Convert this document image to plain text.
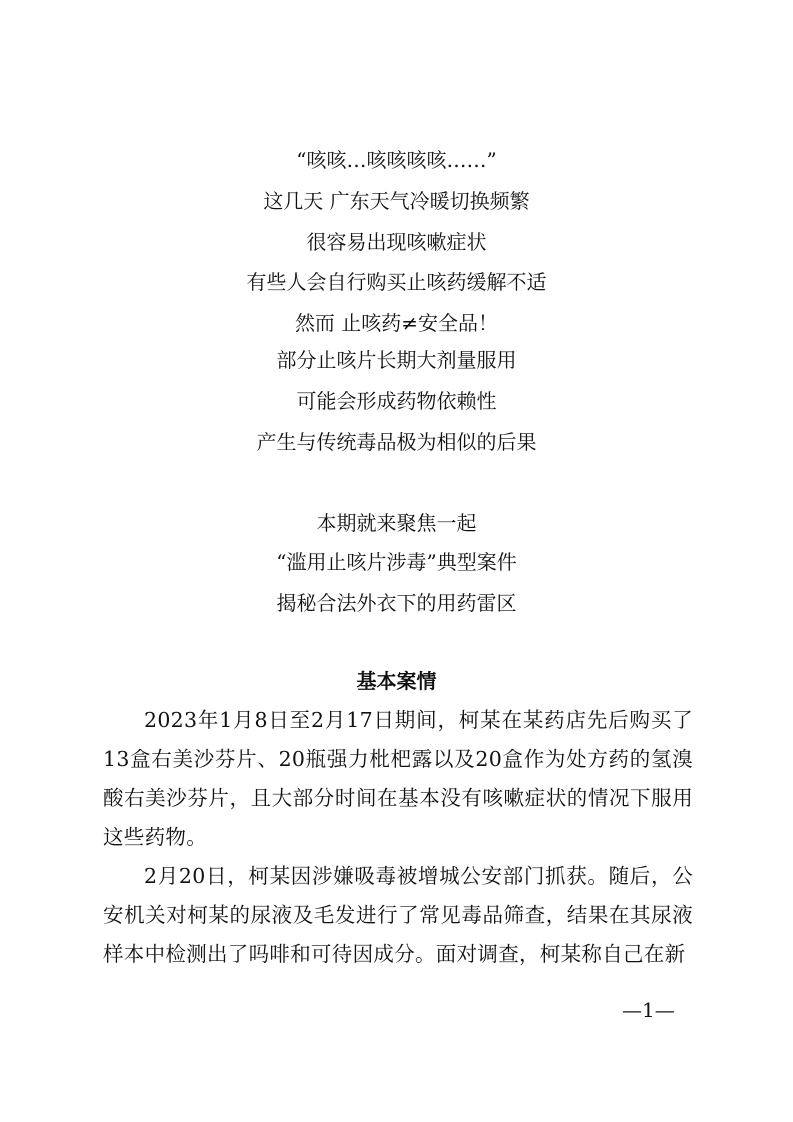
“咳咳…咳咳咳咳……”
这几天 广东天气冷暖切换频繁
很容易出现咳嗽症状
有些人会自行购买止咳药缓解不适
然而 止咳药≠安全品！
部分止咳片长期大剂量服用
可能会形成药物依赖性
产生与传统毒品极为相似的后果
本期就来聚焦一起
“滥用止咳片涉毒”典型案件
揭秘合法外衣下的用药雷区
基本案情
2023年1月8日至2月17日期间，柯某在某药店先后购买了13盒右美沙芬片、20瓶强力枇杷露以及20盒作为处方药的氢溴酸右美沙芬片，且大部分时间在基本没有咳嗽症状的情况下服用这些药物。
2月20日，柯某因涉嫌吸毒被增城公安部门抓获。随后，公安机关对柯某的尿液及毛发进行了常见毒品筛查，结果在其尿液样本中检测出了吗啡和可待因成分。面对调查，柯某称自己在新
—1—
